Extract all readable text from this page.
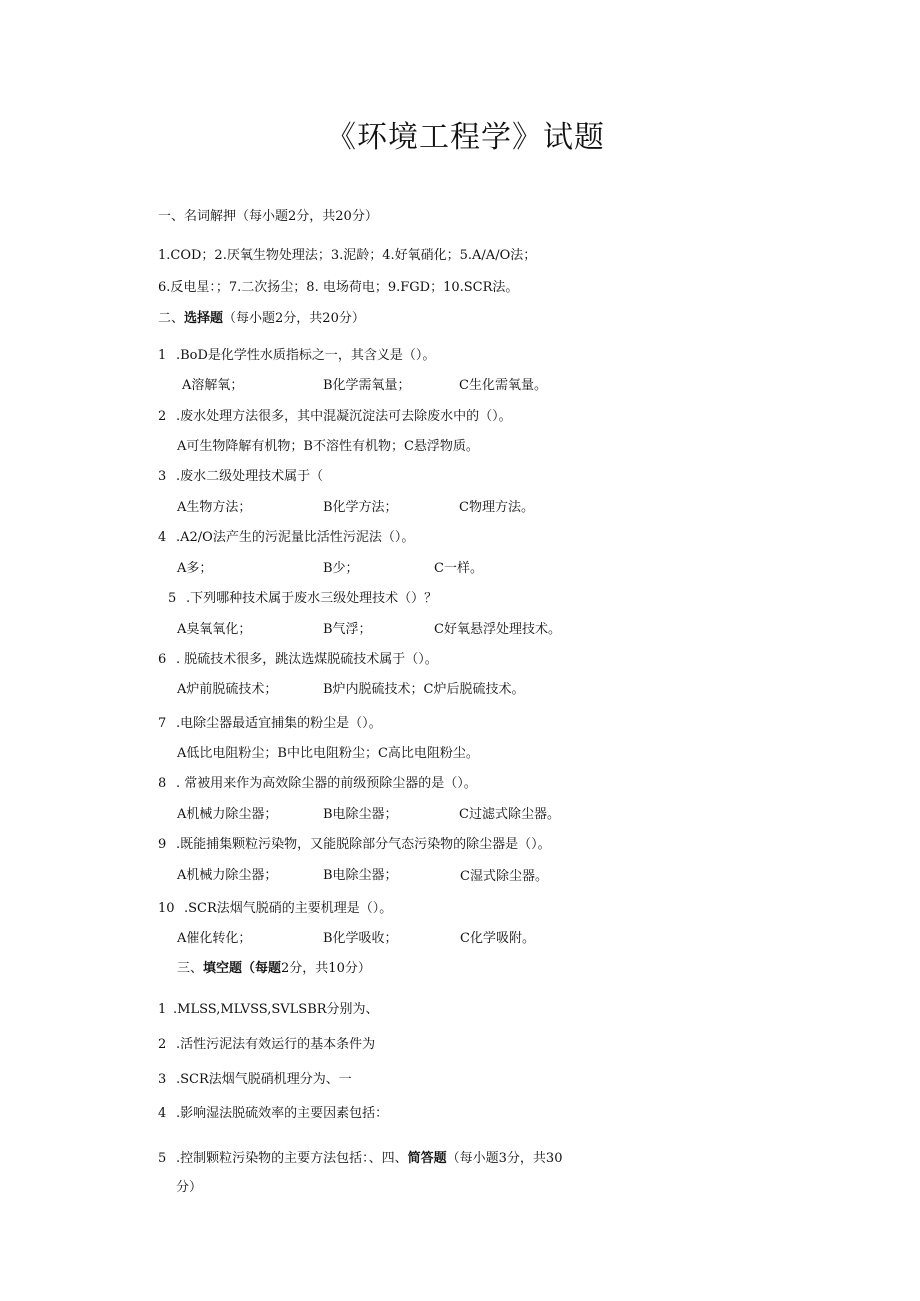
《环境工程学》试题
一、名词解押（每小题2分，共20分）
1.COD；2.厌氧生物处理法；3.泥龄；4.好氧硝化；5.A/A/O法；
6.反电星：；7.二次扬尘；8. 电场荷电；9.FGD；10.SCR法。
二、选择题（每小题2分，共20分）
1 .BoD是化学性水质指标之一，其含义是（）。
A溶解氧；	B化学需氧量；	C生化需氧量。
2 .废水处理方法很多，其中混凝沉淀法可去除废水中的（）。
A可生物降解有机物；B不溶性有机物；C悬浮物质。
3 .废水二级处理技术属于（
A生物方法；	B化学方法；	C物理方法。
4 .A2/O法产生的污泥量比活性污泥法（）。
A多；	B少；	C一样。
5 .下列哪种技术属于废水三级处理技术（）？
A臭氧氧化；	B气浮；	C好氧悬浮处理技术。
6 . 脱硫技术很多，跳汰选煤脱硫技术属于（）。
A炉前脱硫技术；	B炉内脱硫技术；C炉后脱硫技术。
7 .电除尘器最适宜捕集的粉尘是（）。
A低比电阻粉尘；B中比电阻粉尘；C高比电阻粉尘。
8 . 常被用来作为高效除尘器的前级预除尘器的是（）。
A机械力除尘器；	B电除尘器；	C过滤式除尘器。
9 .既能捕集颗粒污染物，又能脱除部分气态污染物的除尘器是（）。
A机械力除尘器；	B电除尘器；	C湿式除尘器。
10 .SCR法烟气脱硝的主要机理是（）。
A催化转化；	B化学吸收；	C化学吸附。
三、填空题（每题2分，共10分）
1 .MLSS,MLVSS,SVLSBR分别为、
2 .活性污泥法有效运行的基本条件为
3 .SCR法烟气脱硝机理分为、一
4 .影响湿法脱硫效率的主要因素包括：
5 .控制颗粒污染物的主要方法包括：、四、简答题（每小题3分，共30
分）
